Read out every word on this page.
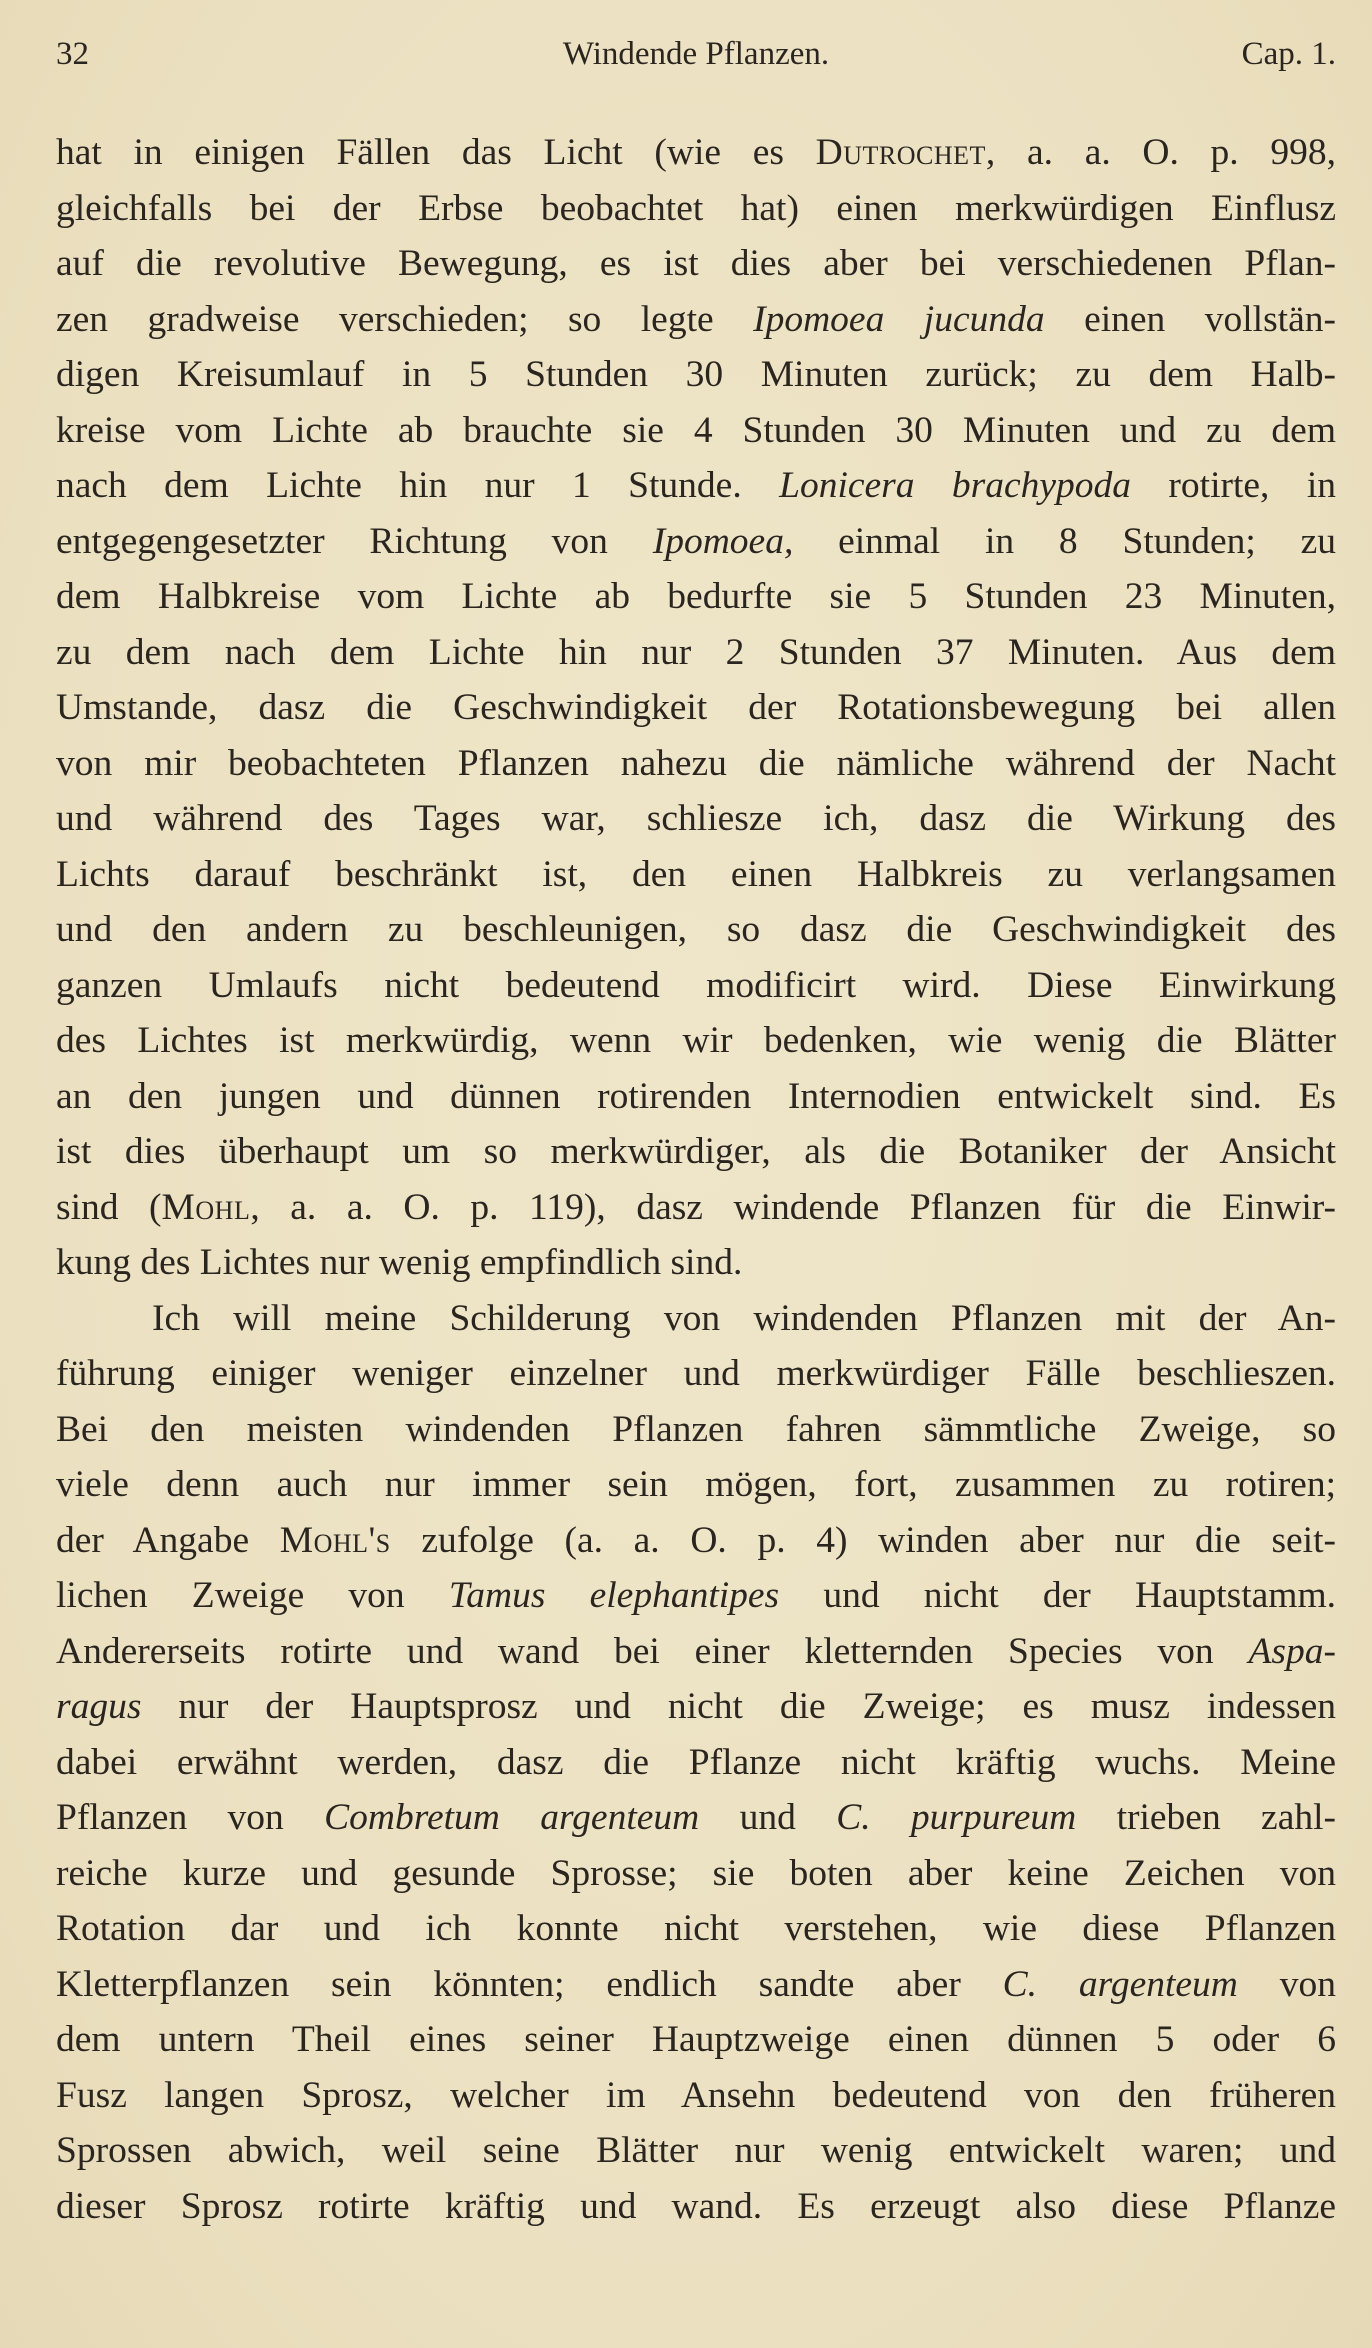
32	Windende Pflanzen.	Cap. 1.
hat in einigen Fällen das Licht (wie es Dutrochet, a. a. O. p. 998,
gleichfalls bei der Erbse beobachtet hat) einen merkwürdigen Einflusz
auf die revolutive Bewegung, es ist dies aber bei verschiedenen Pflan-
zen gradweise verschieden; so legte Ipomoea jucunda einen vollstän-
digen Kreisumlauf in 5 Stunden 30 Minuten zurück; zu dem Halb-
kreise vom Lichte ab brauchte sie 4 Stunden 30 Minuten und zu dem
nach dem Lichte hin nur 1 Stunde. Lonicera brachypoda rotirte, in
entgegengesetzter Richtung von Ipomoea, einmal in 8 Stunden; zu
dem Halbkreise vom Lichte ab bedurfte sie 5 Stunden 23 Minuten,
zu dem nach dem Lichte hin nur 2 Stunden 37 Minuten. Aus dem
Umstande, dasz die Geschwindigkeit der Rotationsbewegung bei allen
von mir beobachteten Pflanzen nahezu die nämliche während der Nacht
und während des Tages war, schliesze ich, dasz die Wirkung des
Lichts darauf beschränkt ist, den einen Halbkreis zu verlangsamen
und den andern zu beschleunigen, so dasz die Geschwindigkeit des
ganzen Umlaufs nicht bedeutend modificirt wird. Diese Einwirkung
des Lichtes ist merkwürdig, wenn wir bedenken, wie wenig die Blätter
an den jungen und dünnen rotirenden Internodien entwickelt sind. Es
ist dies überhaupt um so merkwürdiger, als die Botaniker der Ansicht
sind (Mohl, a. a. O. p. 119), dasz windende Pflanzen für die Einwir-
kung des Lichtes nur wenig empfindlich sind.
Ich will meine Schilderung von windenden Pflanzen mit der An-
führung einiger weniger einzelner und merkwürdiger Fälle beschlieszen.
Bei den meisten windenden Pflanzen fahren sämmtliche Zweige, so
viele denn auch nur immer sein mögen, fort, zusammen zu rotiren;
der Angabe Mohl's zufolge (a. a. O. p. 4) winden aber nur die seit-
lichen Zweige von Tamus elephantipes und nicht der Hauptstamm.
Andererseits rotirte und wand bei einer kletternden Species von Aspa-
ragus nur der Hauptsprosz und nicht die Zweige; es musz indessen
dabei erwähnt werden, dasz die Pflanze nicht kräftig wuchs. Meine
Pflanzen von Combretum argenteum und C. purpureum trieben zahl-
reiche kurze und gesunde Sprosse; sie boten aber keine Zeichen von
Rotation dar und ich konnte nicht verstehen, wie diese Pflanzen
Kletterpflanzen sein könnten; endlich sandte aber C. argenteum von
dem untern Theil eines seiner Hauptzweige einen dünnen 5 oder 6
Fusz langen Sprosz, welcher im Ansehn bedeutend von den früheren
Sprossen abwich, weil seine Blätter nur wenig entwickelt waren; und
dieser Sprosz rotirte kräftig und wand. Es erzeugt also diese Pflanze
